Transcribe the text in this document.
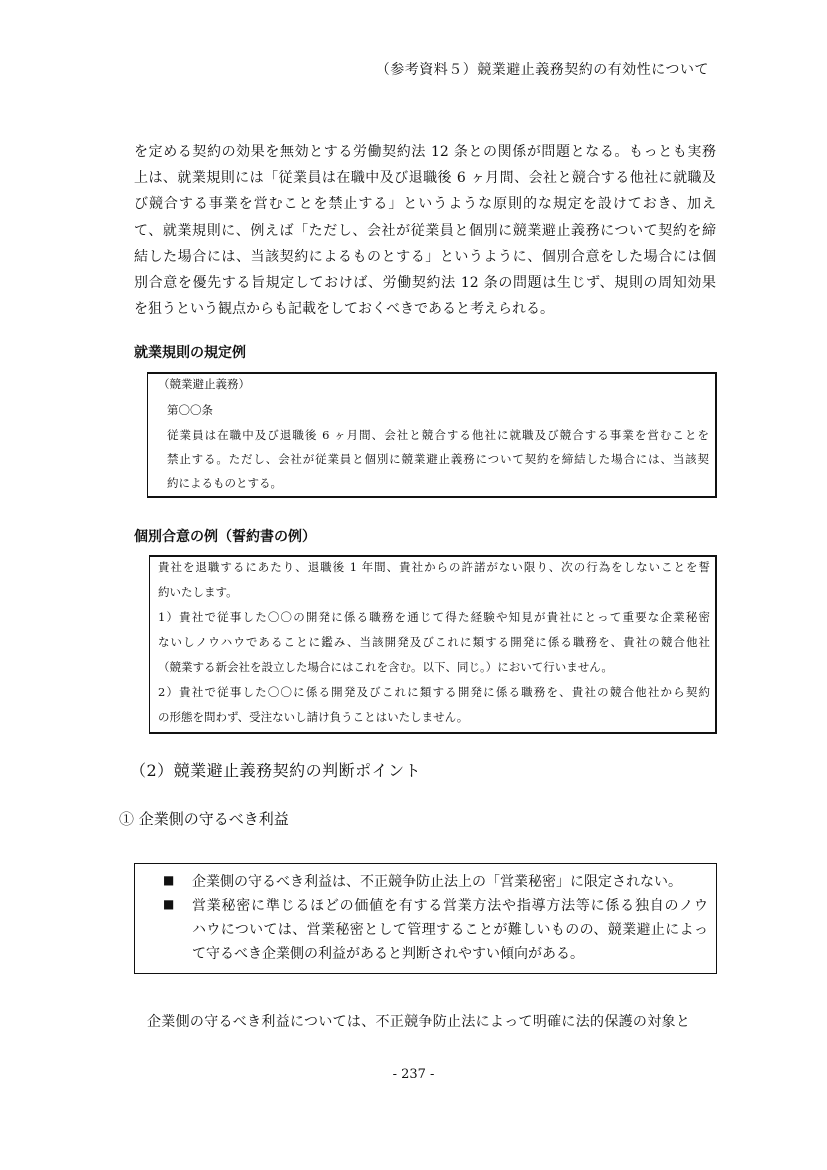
（参考資料５）競業避止義務契約の有効性について
を定める契約の効果を無効とする労働契約法 12 条との関係が問題となる。もっとも実務
上は、就業規則には「従業員は在職中及び退職後 6 ヶ月間、会社と競合する他社に就職及
び競合する事業を営むことを禁止する」というような原則的な規定を設けておき、加え
て、就業規則に、例えば「ただし、会社が従業員と個別に競業避止義務について契約を締
結した場合には、当該契約によるものとする」というように、個別合意をした場合には個
別合意を優先する旨規定しておけば、労働契約法 12 条の問題は生じず、規則の周知効果
を狙うという観点からも記載をしておくべきであると考えられる。
就業規則の規定例
（競業避止義務）
第〇〇条
従業員は在職中及び退職後 6 ヶ月間、会社と競合する他社に就職及び競合する事業を営むことを
禁止する。ただし、会社が従業員と個別に競業避止義務について契約を締結した場合には、当該契
約によるものとする。
個別合意の例（誓約書の例）
貴社を退職するにあたり、退職後 1 年間、貴社からの許諾がない限り、次の行為をしないことを誓
約いたします。
1）貴社で従事した〇〇の開発に係る職務を通じて得た経験や知見が貴社にとって重要な企業秘密
ないしノウハウであることに鑑み、当該開発及びこれに類する開発に係る職務を、貴社の競合他社
（競業する新会社を設立した場合にはこれを含む。以下、同じ。）において行いません。
2）貴社で従事した〇〇に係る開発及びこれに類する開発に係る職務を、貴社の競合他社から契約
の形態を問わず、受注ないし請け負うことはいたしません。
（2）競業避止義務契約の判断ポイント
① 企業側の守るべき利益
■ 企業側の守るべき利益は、不正競争防止法上の「営業秘密」に限定されない。
■ 営業秘密に準じるほどの価値を有する営業方法や指導方法等に係る独自のノウ
ハウについては、営業秘密として管理することが難しいものの、競業避止によっ
て守るべき企業側の利益があると判断されやすい傾向がある。
企業側の守るべき利益については、不正競争防止法によって明確に法的保護の対象と
- 237 -
